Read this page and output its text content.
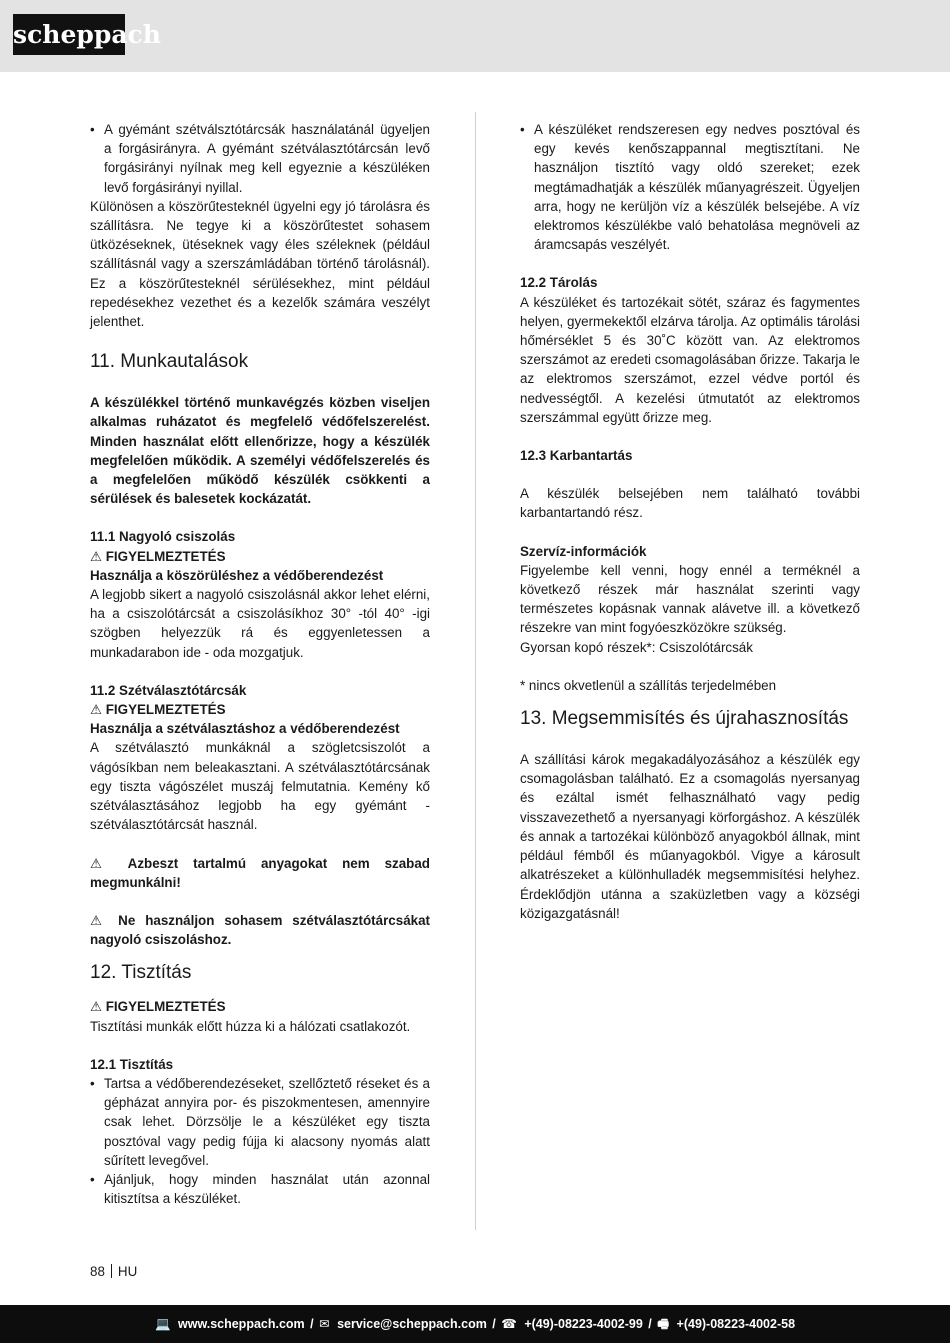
scheppach
• A gyémánt szétválsztótárcsák használatánál ügyeljen a forgásirányra. A gyémánt szétválasztótárcsán levő forgásirányi nyílnak meg kell egyeznie a készüléken levő forgásirányi nyillal.

Különösen a köszörűtesteknél ügyelni egy jó tárolásra és szállításra. Ne tegye ki a köszörűtestet sohasem ütközéseknek, ütéseknek vagy éles széleknek (például szállításnál vagy a szerszámládában történő tárolásnál). Ez a köszörűtesteknél sérülésekhez, mint például repedésekhez vezethet és a kezelők számára veszélyt jelenthet.

11. Munkautalások

A készülékkel történő munkavégzés közben viseljen alkalmas ruházatot és megfelelő védőfelszerelést. Minden használat előtt ellenőrizze, hogy a készülék megfelelően működik. A személyi védőfelszerelés és a megfelelően működő készülék csökkenti a sérülések és balesetek kockázatát.

11.1 Nagyoló csiszolás
⚠ FIGYELMEZTETÉS
Használja a köszörüléshez a védőberendezést

A legjobb sikert a nagyoló csiszolásnál akkor lehet elérni, ha a csiszolótárcsát a csiszolásíkhoz 30° -tól 40° -igi szögben helyezzük rá és eggyenletessen a munkadarabon ide - oda mozgatjuk.

11.2 Szétválasztótárcsák
⚠ FIGYELMEZTETÉS
Használja a szétválasztáshoz a védőberendezést

A szétválasztó munkáknál a szögletcsiszolót a vágósíkban nem beleakasztani. A szétválasztótárcsának egy tiszta vágószélet muszáj felmutatnia. Kemény kő szétválasztásához legjobb ha egy gyémánt - szétválasztótárcsát használ.

⚠ Azbeszt tartalmú anyagokat nem szabad megmunkálni!

⚠ Ne használjon sohasem szétválasztótárcsákat nagyoló csiszoláshoz.

12. Tisztítás
⚠ FIGYELMEZTETÉS

Tisztítási munkák előtt húzza ki a hálózati csatlakozót.

12.1 Tisztítás
• Tartsa a védőberendezéseket, szellőztető réseket és a gépházat annyira por- és piszokmentesen, amennyire csak lehet. Dörzsölje le a készüléket egy tiszta posztóval vagy pedig fújja ki alacsony nyomás alatt sűrített levegővel.
• Ajánljuk, hogy minden használat után azonnal kitisztítsa a készüléket.
• A készüléket rendszeresen egy nedves posztóval és egy kevés kenőszappannal megtisztítani. Ne használjon tisztító vagy oldó szereket; ezek megtámadhatják a készülék műanyagrészeit. Ügyeljen arra, hogy ne kerüljön víz a készülék belsejébe. A víz elektromos készülékbe való behatolása megnöveli az áramcsapás veszélyét.
12.2 Tárolás

A készüléket és tartozékait sötét, száraz és fagymentes helyen, gyermekektől elzárva tárolja. Az optimális tárolási hőmérséklet 5 és 30˚C között van. Az elektromos szerszámot az eredeti csomagolásában őrizze. Takarja le az elektromos szerszámot, ezzel védve portól és nedvességtől. A kezelési útmutatót az elektromos szerszámmal együtt őrizze meg.

12.3 Karbantartás

A készülék belsejében nem található további karbantartandó rész.

Szervíz-információk

Figyelembe kell venni, hogy ennél a terméknél a következő részek már használat szerinti vagy természetes kopásnak vannak alávetve ill. a következő részekre van mint fogyóeszközökre szükség.

Gyorsan kopó részek*: Csiszolótárcsák

* nincs okvetlenül a szállítás terjedelmében

13. Megsemmisítés és újrahasznosítás

A szállítási károk megakadályozásához a készülék egy csomagolásban található. Ez a csomagolás nyersanyag és ezáltal ismét felhasználható vagy pedig visszavezethető a nyersanyagi körforgáshoz. A készülék és annak a tartozékai különböző anyagokból állnak, mint például fémből és műanyagokból. Vigye a károsult alkatrészeket a különhulladék megsemmisítési helyhez. Érdeklődjön utánna a szaküzletben vagy a községi közigazgatásnál!

88 HU
💻 www.scheppach.com / ✉ service@scheppach.com / ☎ +(49)-08223-4002-99 / 🖷 +(49)-08223-4002-58
